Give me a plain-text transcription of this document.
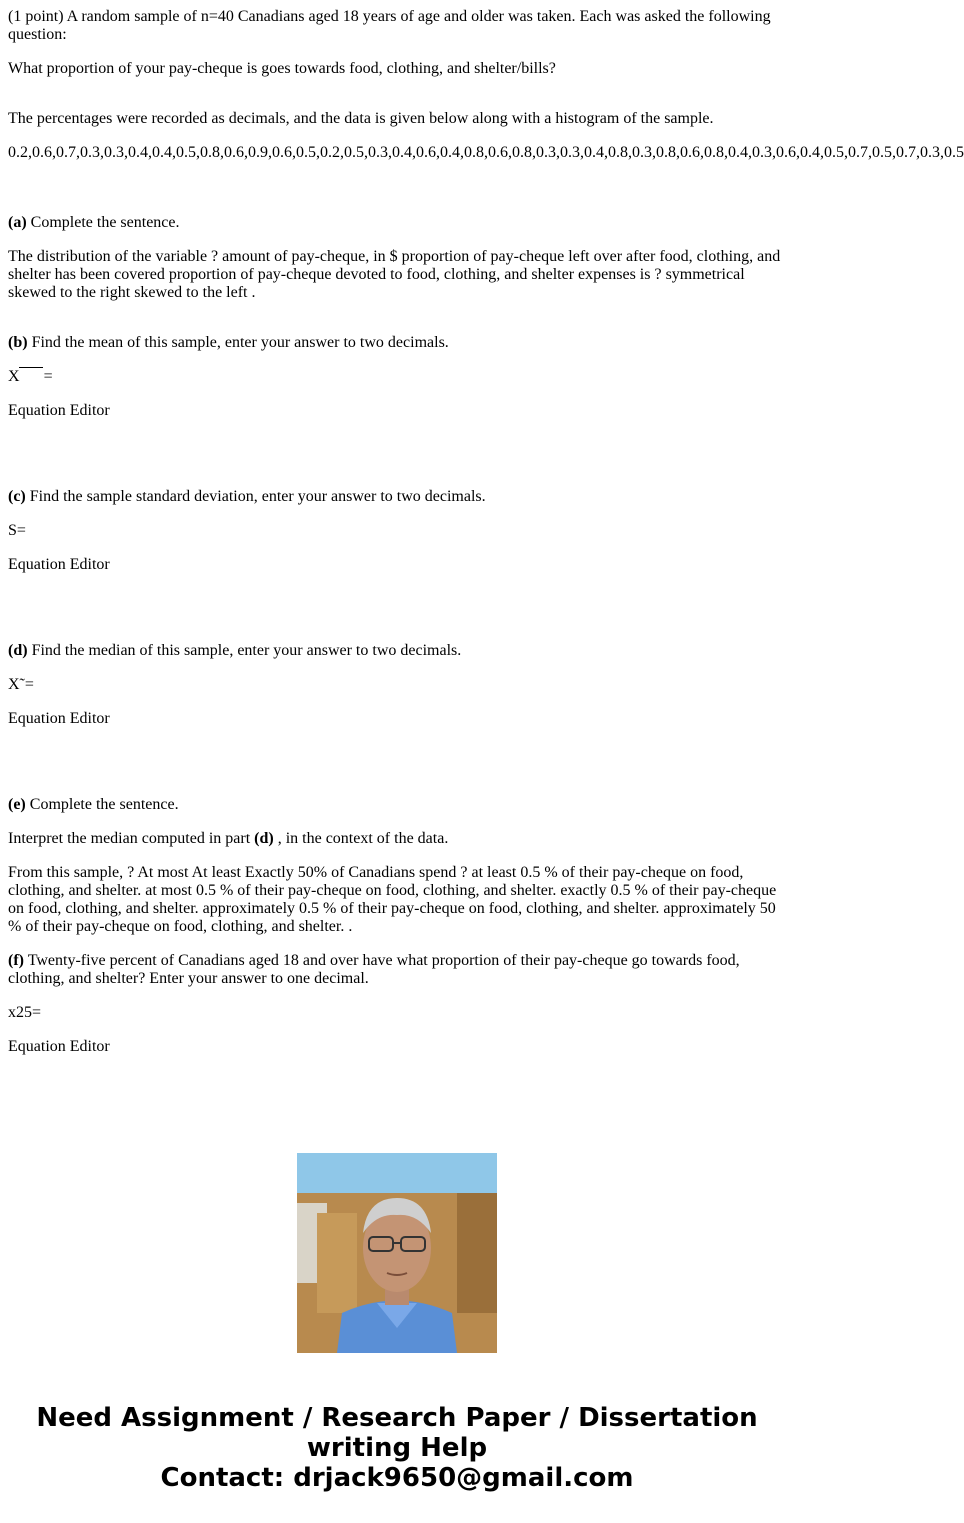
(1 point) A random sample of n=40 Canadians aged 18 years of age and older was taken. Each was asked the following question:

What proportion of your pay-cheque is goes towards food, clothing, and shelter/bills?

The percentages were recorded as decimals, and the data is given below along with a histogram of the sample.

0.2,0.6,0.7,0.3,0.3,0.4,0.4,0.5,0.8,0.6,0.9,0.6,0.5,0.2,0.5,0.3,0.4,0.6,0.4,0.8,0.6,0.8,0.3,0.3,0.4,0.8,0.3,0.8,0.6,0.8,0.4,0.3,0.6,0.4,0.5,0.7,0.5,0.7,0.3,0.5

(a) Complete the sentence.

The distribution of the variable ? amount of pay-cheque, in $ proportion of pay-cheque left over after food, clothing, and shelter has been covered proportion of pay-cheque devoted to food, clothing, and shelter expenses is ? symmetrical skewed to the right skewed to the left .

(b) Find the mean of this sample, enter your answer to two decimals.

X =

Equation Editor

(c) Find the sample standard deviation, enter your answer to two decimals.

S=

Equation Editor

(d) Find the median of this sample, enter your answer to two decimals.

X˜=

Equation Editor

(e) Complete the sentence.

Interpret the median computed in part (d) , in the context of the data.

From this sample, ? At most At least Exactly 50% of Canadians spend ? at least 0.5 % of their pay-cheque on food, clothing, and shelter. at most 0.5 % of their pay-cheque on food, clothing, and shelter. exactly 0.5 % of their pay-cheque on food, clothing, and shelter. approximately 0.5 % of their pay-cheque on food, clothing, and shelter. approximately 50 % of their pay-cheque on food, clothing, and shelter. .

(f) Twenty-five percent of Canadians aged 18 and over have what proportion of their pay-cheque go towards food, clothing, and shelter? Enter your answer to one decimal.

x25=

Equation Editor

Need Assignment / Research Paper / Dissertation
writing Help
Contact: drjack9650@gmail.com
